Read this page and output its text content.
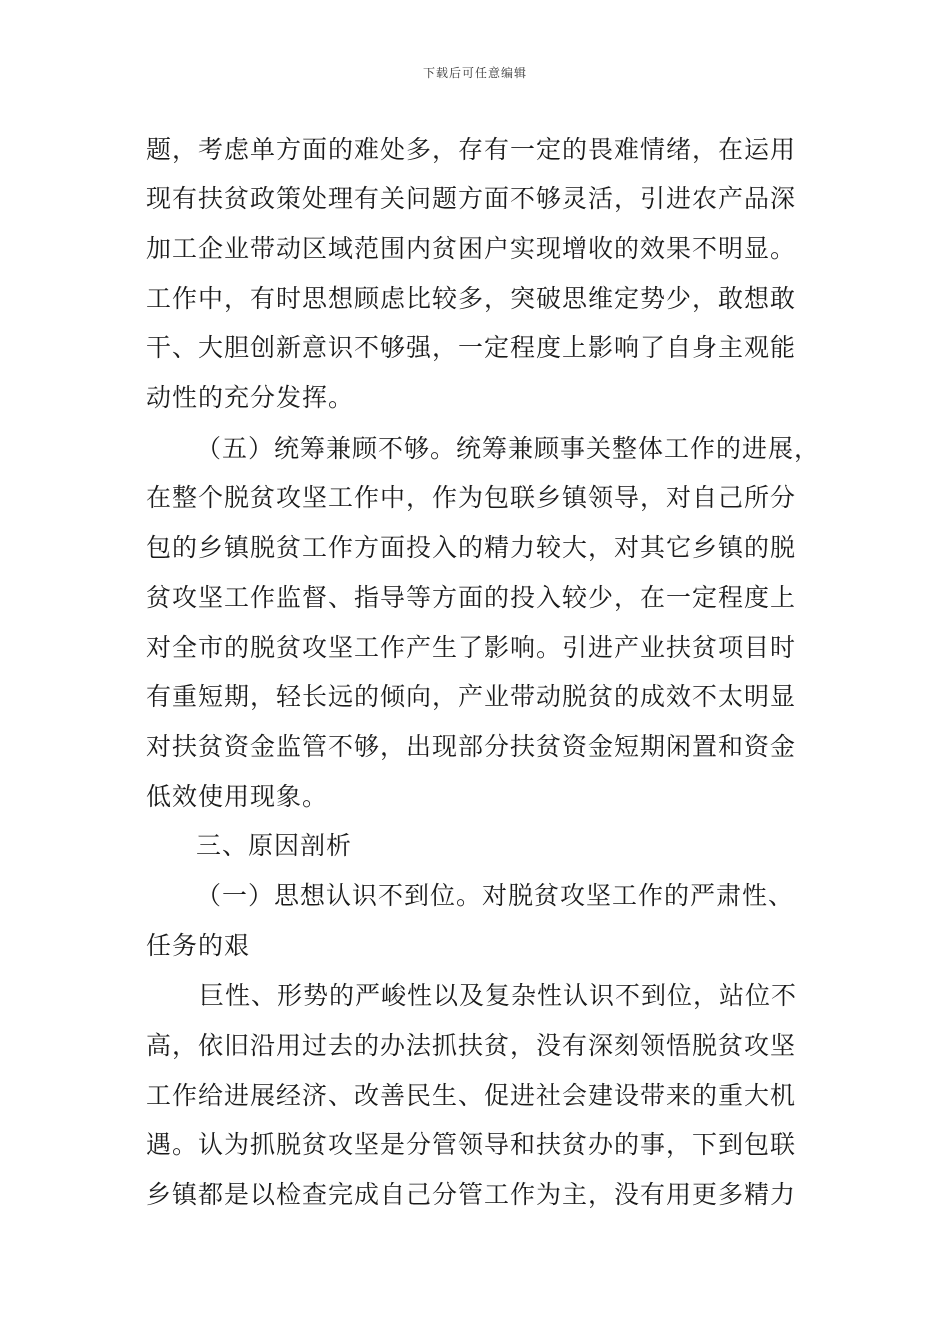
下载后可任意编辑
题，考虑单方面的难处多，存有一定的畏难情绪，在运用
现有扶贫政策处理有关问题方面不够灵活，引进农产品深
加工企业带动区域范围内贫困户实现增收的效果不明显。
工作中，有时思想顾虑比较多，突破思维定势少，敢想敢
干、大胆创新意识不够强，一定程度上影响了自身主观能
动性的充分发挥。
（五）统筹兼顾不够。统筹兼顾事关整体工作的进展，
在整个脱贫攻坚工作中，作为包联乡镇领导，对自己所分
包的乡镇脱贫工作方面投入的精力较大，对其它乡镇的脱
贫攻坚工作监督、指导等方面的投入较少，在一定程度上
对全市的脱贫攻坚工作产生了影响。引进产业扶贫项目时
有重短期，轻长远的倾向，产业带动脱贫的成效不太明显
对扶贫资金监管不够，出现部分扶贫资金短期闲置和资金
低效使用现象。
三、原因剖析
（一）思想认识不到位。对脱贫攻坚工作的严肃性、
任务的艰
巨性、形势的严峻性以及复杂性认识不到位，站位不
高，依旧沿用过去的办法抓扶贫，没有深刻领悟脱贫攻坚
工作给进展经济、改善民生、促进社会建设带来的重大机
遇。认为抓脱贫攻坚是分管领导和扶贫办的事，下到包联
乡镇都是以检查完成自己分管工作为主，没有用更多精力
